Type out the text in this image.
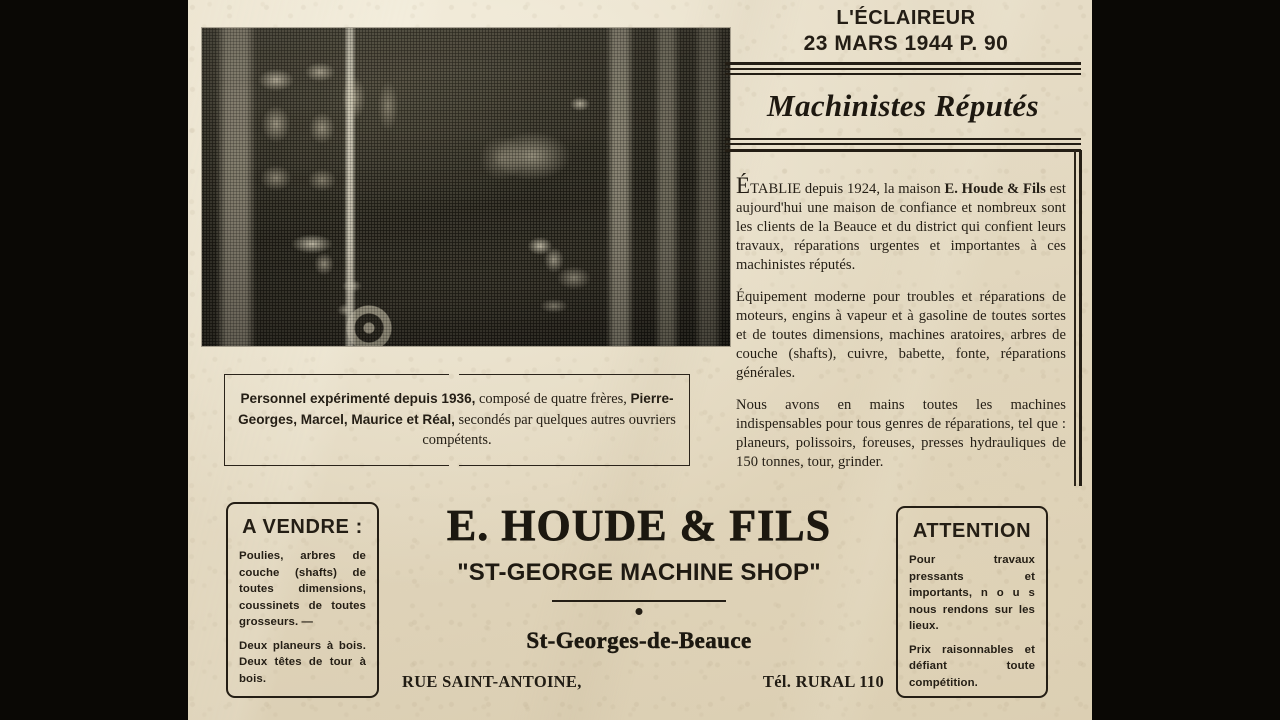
L'ÉCLAIREUR
23 MARS 1944 P. 90
Machinistes Réputés

ÉTABLIE depuis 1924, la maison E. Houde & Fils est aujourd'hui une maison de confiance et nombreux sont les clients de la Beauce et du district qui confient leurs travaux, réparations urgentes et importantes à ces machinistes réputés.

Équipement moderne pour troubles et réparations de moteurs, engins à vapeur et à gasoline de toutes sortes et de toutes dimensions, machines aratoires, arbres de couche (shafts), cuivre, babette, fonte, réparations générales.

Nous avons en mains toutes les machines indispensables pour tous genres de réparations, tel que : planeurs, polissoirs, foreuses, presses hydrauliques de 150 tonnes, tour, grinder.

Personnel expérimenté depuis 1936, composé de quatre frères, Pierre-Georges, Marcel, Maurice et Réal, secondés par quelques autres ouvriers compétents.

A VENDRE :

Poulies, arbres de couche (shafts) de toutes dimensions, coussinets de toutes grosseurs. —

Deux planeurs à bois. Deux têtes de tour à bois.

ATTENTION

Pour travaux pressants et importants, n o u s nous rendons sur les lieux.

Prix raisonnables et défiant toute compétition.

E. HOUDE & FILS
"ST-GEORGE MACHINE SHOP"
St-Georges-de-Beauce
RUE SAINT-ANTOINE,	Tél. RURAL 110
